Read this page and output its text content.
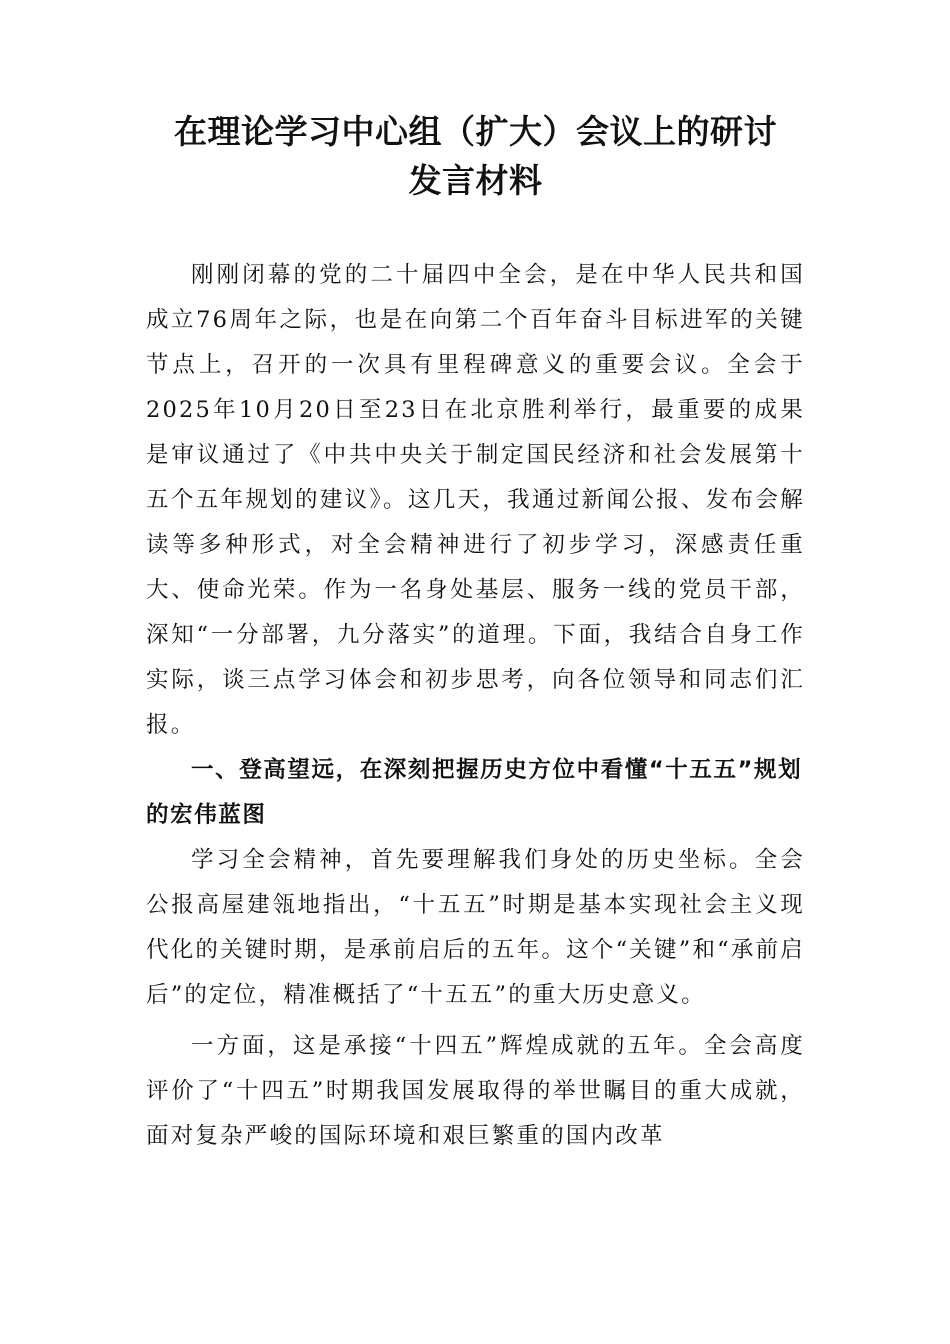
在理论学习中心组（扩大）会议上的研讨
发言材料

刚刚闭幕的党的二十届四中全会，是在中华人民共和国成立76周年之际，也是在向第二个百年奋斗目标进军的关键节点上，召开的一次具有里程碑意义的重要会议。全会于2025年10月20日至23日在北京胜利举行，最重要的成果是审议通过了《中共中央关于制定国民经济和社会发展第十五个五年规划的建议》。这几天，我通过新闻公报、发布会解读等多种形式，对全会精神进行了初步学习，深感责任重大、使命光荣。作为一名身处基层、服务一线的党员干部，深知“一分部署，九分落实”的道理。下面，我结合自身工作实际，谈三点学习体会和初步思考，向各位领导和同志们汇报。

一、登高望远，在深刻把握历史方位中看懂“十五五”规划的宏伟蓝图

学习全会精神，首先要理解我们身处的历史坐标。全会公报高屋建瓴地指出，“十五五”时期是基本实现社会主义现代化的关键时期，是承前启后的五年。这个“关键”和“承前启后”的定位，精准概括了“十五五”的重大历史意义。

一方面，这是承接“十四五”辉煌成就的五年。全会高度评价了“十四五”时期我国发展取得的举世瞩目的重大成就，面对复杂严峻的国际环境和艰巨繁重的国内改革
